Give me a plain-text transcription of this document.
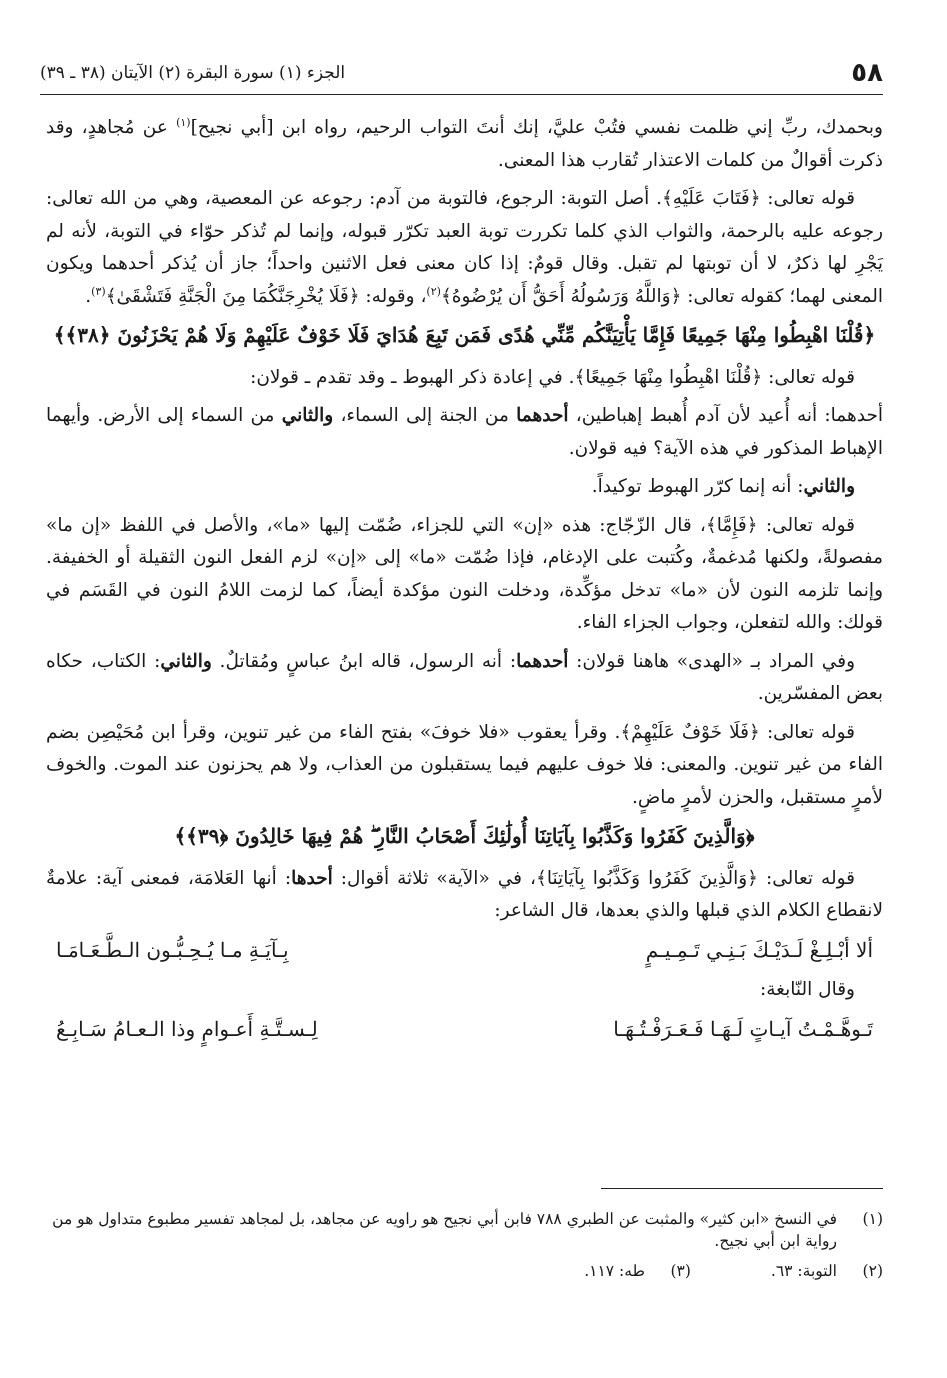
٥٨
الجزء (١) سورة البقرة (٢) الآيتان (٣٨ ـ ٣٩)

وبحمدك، ربِّ إني ظلمت نفسي فتُبْ عليَّ، إنك أنتَ التواب الرحيم، رواه ابن [أبي نجيح]$^{(١)}$ عن مُجاهدٍ، وقد ذكرت أقوالٌ من كلمات الاعتذار تُقارب هذا المعنى.

قوله تعالى: ﴿فَتَابَ عَلَيْهِ﴾. أصل التوبة: الرجوع، فالتوبة من آدم: رجوعه عن المعصية، وهي من الله تعالى: رجوعه عليه بالرحمة، والثواب الذي كلما تكررت توبة العبد تكرّر قبوله، وإنما لم تُذكر حوّاء في التوبة، لأنه لم يَجْرِ لها ذكرٌ، لا أن توبتها لم تقبل. وقال قومٌ: إذا كان معنى فعل الاثنين واحداً؛ جاز أن يُذكر أحدهما ويكون المعنى لهما؛ كقوله تعالى: ﴿وَاللَّهُ وَرَسُولُهُ أَحَقُّ أَن يُرْضُوهُ﴾$^{(٢)}$، وقوله: ﴿فَلَا يُخْرِجَنَّكُمَا مِنَ الْجَنَّةِ فَتَشْقَىٰ﴾$^{(٣)}$.

﴿قُلْنَا اهْبِطُوا مِنْهَا جَمِيعًا فَإِمَّا يَأْتِيَنَّكُم مِّنِّي هُدًى فَمَن تَبِعَ هُدَايَ فَلَا خَوْفٌ عَلَيْهِمْ وَلَا هُمْ يَحْزَنُونَ ﴿٣٨﴾﴾

قوله تعالى: ﴿قُلْنَا اهْبِطُوا مِنْهَا جَمِيعًا﴾. في إعادة ذكر الهبوط ـ وقد تقدم ـ قولان:

أحدهما: أنه أُعيد لأن آدم أُهبط إهباطين، أحدهما من الجنة إلى السماء، والثاني من السماء إلى الأرض. وأيهما الإهباط المذكور في هذه الآية؟ فيه قولان.

والثاني: أنه إنما كرّر الهبوط توكيداً.

قوله تعالى: ﴿فَإِمَّا﴾، قال الزّجّاج: هذه «إن» التي للجزاء، ضُمّت إليها «ما»، والأصل في اللفظ «إن ما» مفصولةً، ولكنها مُدغمةٌ، وكُتبت على الإدغام، فإذا ضُمّت «ما» إلى «إن» لزم الفعل النون الثقيلة أو الخفيفة. وإنما تلزمه النون لأن «ما» تدخل مؤكِّدة، ودخلت النون مؤكدة أيضاً، كما لزمت اللامُ النون في القَسَم في قولك: والله لتفعلن، وجواب الجزاء الفاء.

وفي المراد بـ «الهدى» هاهنا قولان: أحدهما: أنه الرسول، قاله ابنُ عباسٍ ومُقاتلٌ. والثاني: الكتاب، حكاه بعض المفسّرين.

قوله تعالى: ﴿فَلَا خَوْفٌ عَلَيْهِمْ﴾. وقرأ يعقوب «فلا خوفَ» بفتح الفاء من غير تنوين، وقرأ ابن مُحَيْصِن بضم الفاء من غير تنوين. والمعنى: فلا خوف عليهم فيما يستقبلون من العذاب، ولا هم يحزنون عند الموت. والخوف لأمرٍ مستقبل، والحزن لأمرٍ ماضٍ.

﴿وَالَّذِينَ كَفَرُوا وَكَذَّبُوا بِآيَاتِنَا أُولَٰئِكَ أَصْحَابُ النَّارِ ۖ هُمْ فِيهَا خَالِدُونَ ﴿٣٩﴾﴾

قوله تعالى: ﴿وَالَّذِينَ كَفَرُوا وَكَذَّبُوا بِآيَاتِنَا﴾، في «الآية» ثلاثة أقوال: أحدها: أنها العَلامَة، فمعنى آية: علامةٌ لانقطاع الكلام الذي قبلها والذي بعدها، قال الشاعر:

ألا أبْـلِـغْ لَـدَيْـكَ بَـنِـي تَـمِـيـمٍ
بِـآيَـةِ مـا يُـحِـبُّـون الـطَّـعَـامَـا

وقال النّابغة:

تَـوهَّـمْـتُ آيـاتٍ لَـهَـا فَـعَـرَفْـتُـهَـا
لِـسـتَّـةِ أَعـوامٍ وذا الـعـامُ سَـابِـعُ
(١)
في النسخ «ابن كثير» والمثبت عن الطبري ٧٨٨ فابن أبي نجيح هو راويه عن مجاهد، بل لمجاهد تفسير مطبوع متداول هو من رواية ابن أبي نجيح.
(٢)
التوبة: ٦٣.
(٣)
طه: ١١٧.
